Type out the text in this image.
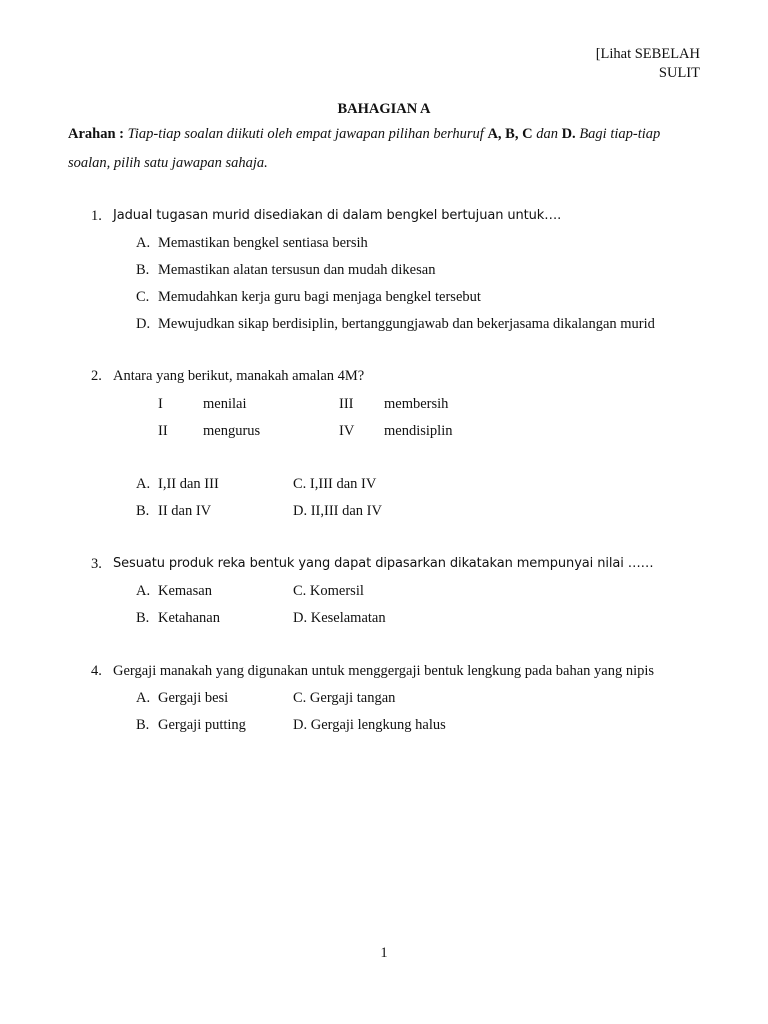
[Lihat SEBELAH
SULIT
BAHAGIAN A
Arahan : Tiap-tiap soalan diikuti oleh empat jawapan pilihan berhuruf A, B, C dan D. Bagi tiap-tiap soalan, pilih satu jawapan sahaja.
1. Jadual tugasan murid disediakan di dalam bengkel bertujuan untuk….
A. Memastikan bengkel sentiasa bersih
B. Memastikan alatan tersusun dan mudah dikesan
C. Memudahkan kerja guru bagi menjaga bengkel tersebut
D. Mewujudkan sikap berdisiplin, bertanggungjawab dan bekerjasama dikalangan murid
2. Antara yang berikut, manakah amalan 4M?
I	menilai	III membersih
II mengurus	IV mendisiplin
A. I,II dan III	C. I,III dan IV
B. II dan IV	D. II,III dan IV
3. Sesuatu produk reka bentuk yang dapat dipasarkan dikatakan mempunyai nilai ……
A. Kemasan	C. Komersil
B. Ketahanan	D. Keselamatan
4. Gergaji manakah yang digunakan untuk menggergaji bentuk lengkung pada bahan yang nipis
A. Gergaji besi	C. Gergaji tangan
B. Gergaji putting	D. Gergaji lengkung halus
1
